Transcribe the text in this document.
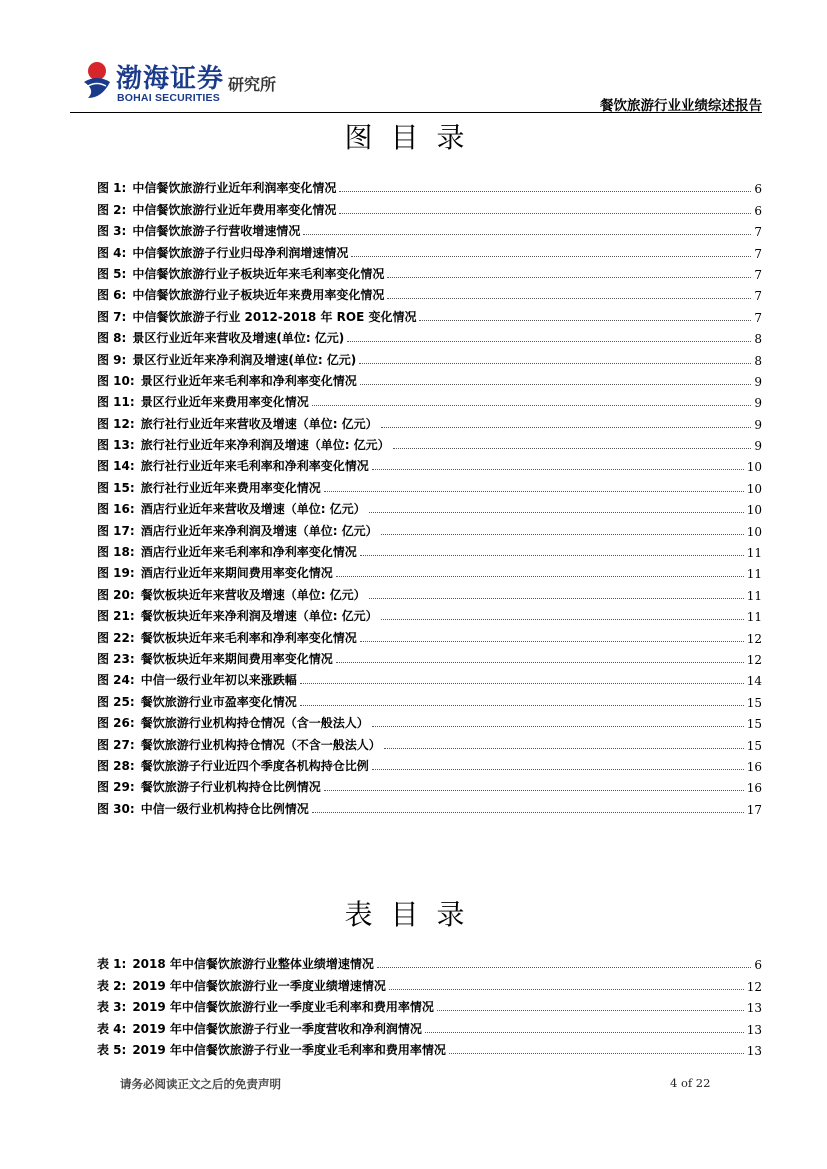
渤海证券
BOHAI SECURITIES
研究所
餐饮旅游行业业绩综述报告
图目录
图 1: 中信餐饮旅游行业近年利润率变化情况	6
图 2: 中信餐饮旅游行业近年费用率变化情况	6
图 3: 中信餐饮旅游子行营收增速情况	7
图 4: 中信餐饮旅游子行业归母净利润增速情况	7
图 5: 中信餐饮旅游行业子板块近年来毛利率变化情况	7
图 6: 中信餐饮旅游行业子板块近年来费用率变化情况	7
图 7: 中信餐饮旅游子行业 2012-2018 年 ROE 变化情况	7
图 8: 景区行业近年来营收及增速(单位: 亿元)	8
图 9: 景区行业近年来净利润及增速(单位: 亿元)	8
图 10: 景区行业近年来毛利率和净利率变化情况	9
图 11: 景区行业近年来费用率变化情况	9
图 12: 旅行社行业近年来营收及增速（单位: 亿元）	9
图 13: 旅行社行业近年来净利润及增速（单位: 亿元）	9
图 14: 旅行社行业近年来毛利率和净利率变化情况	10
图 15: 旅行社行业近年来费用率变化情况	10
图 16: 酒店行业近年来营收及增速（单位: 亿元）	10
图 17: 酒店行业近年来净利润及增速（单位: 亿元）	10
图 18: 酒店行业近年来毛利率和净利率变化情况	11
图 19: 酒店行业近年来期间费用率变化情况	11
图 20: 餐饮板块近年来营收及增速（单位: 亿元）	11
图 21: 餐饮板块近年来净利润及增速（单位: 亿元）	11
图 22: 餐饮板块近年来毛利率和净利率变化情况	12
图 23: 餐饮板块近年来期间费用率变化情况	12
图 24: 中信一级行业年初以来涨跌幅	14
图 25: 餐饮旅游行业市盈率变化情况	15
图 26: 餐饮旅游行业机构持仓情况（含一般法人）	15
图 27: 餐饮旅游行业机构持仓情况（不含一般法人）	15
图 28: 餐饮旅游子行业近四个季度各机构持仓比例	16
图 29: 餐饮旅游子行业机构持仓比例情况	16
图 30: 中信一级行业机构持仓比例情况	17
表目录
表 1: 2018 年中信餐饮旅游行业整体业绩增速情况	6
表 2: 2019 年中信餐饮旅游行业一季度业绩增速情况	12
表 3: 2019 年中信餐饮旅游行业一季度业毛利率和费用率情况	13
表 4: 2019 年中信餐饮旅游子行业一季度营收和净利润情况	13
表 5: 2019 年中信餐饮旅游子行业一季度业毛利率和费用率情况	13
请务必阅读正文之后的免责声明	4 of 22
